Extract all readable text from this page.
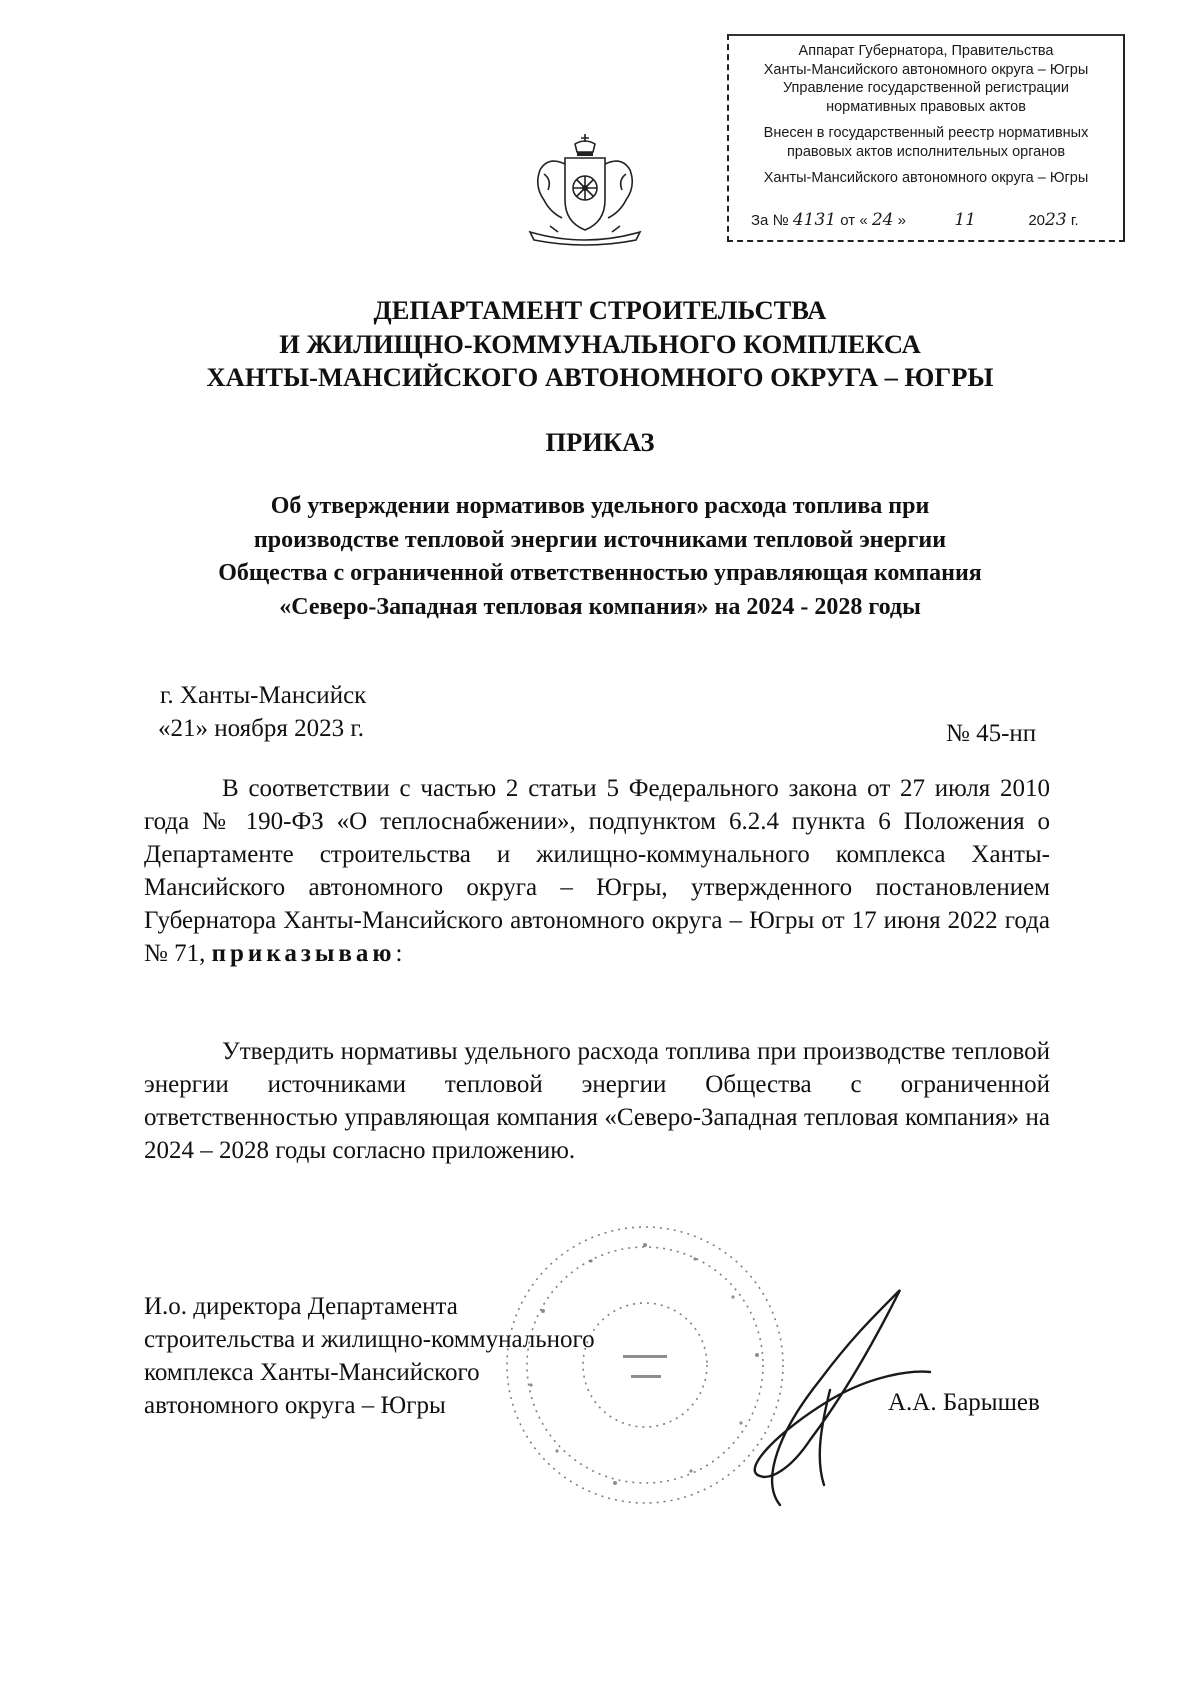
Аппарат Губернатора, Правительства
Ханты-Мансийского автономного округа – Югры
Управление государственной регистрации
нормативных правовых актов
Внесен в государственный реестр нормативных
правовых актов исполнительных органов
Ханты-Мансийского автономного округа – Югры
За № 4131 от « 24 »	11	2023 г.
ДЕПАРТАМЕНТ СТРОИТЕЛЬСТВА
И ЖИЛИЩНО-КОММУНАЛЬНОГО КОМПЛЕКСА
ХАНТЫ-МАНСИЙСКОГО АВТОНОМНОГО ОКРУГА – ЮГРЫ
ПРИКАЗ
Об утверждении нормативов удельного расхода топлива при
производстве тепловой энергии источниками тепловой энергии
Общества с ограниченной ответственностью управляющая компания
«Северо-Западная тепловая компания» на 2024 - 2028 годы
г. Ханты-Мансийск
«21» ноября 2023 г.	№ 45-нп
В соответствии с частью 2 статьи 5 Федерального закона от 27 июля 2010 года № 190-ФЗ «О теплоснабжении», подпунктом 6.2.4 пункта 6 Положения о Департаменте строительства и жилищно-коммунального комплекса Ханты-Мансийского автономного округа – Югры, утвержденного постановлением Губернатора Ханты-Мансийского автономного округа – Югры от 17 июня 2022 года № 71, приказываю:
Утвердить нормативы удельного расхода топлива при производстве тепловой энергии источниками тепловой энергии Общества с ограниченной ответственностью управляющая компания «Северо-Западная тепловая компания» на 2024 – 2028 годы согласно приложению.
И.о. директора Департамента
строительства и жилищно-коммунального
комплекса Ханты-Мансийского
автономного округа – Югры	А.А. Барышев
